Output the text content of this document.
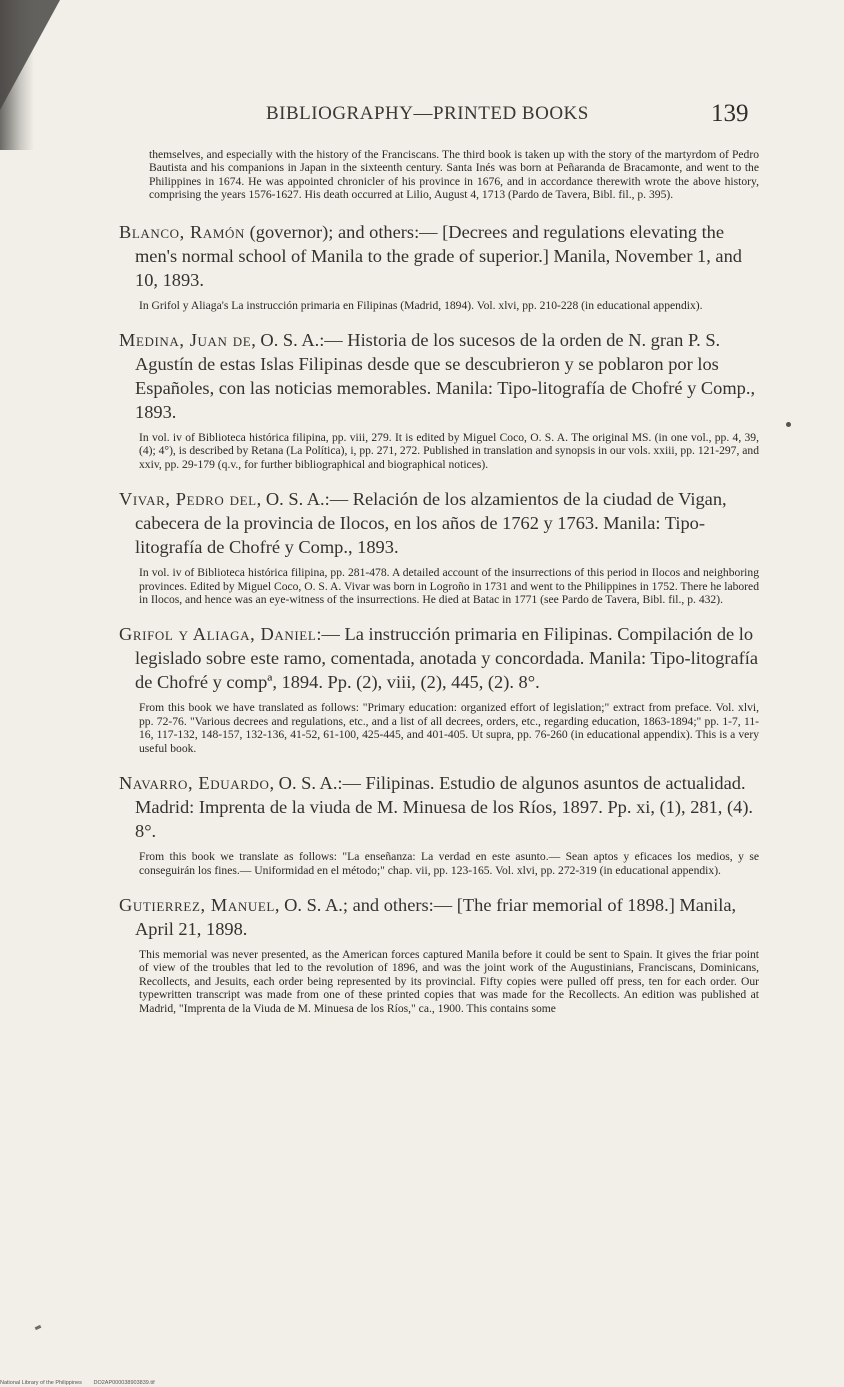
BIBLIOGRAPHY—PRINTED BOOKS	139

themselves, and especially with the history of the Franciscans. The third book is taken up with the story of the martyrdom of Pedro Bautista and his companions in Japan in the sixteenth century. Santa Inés was born at Peñaranda de Bracamonte, and went to the Philippines in 1674. He was appointed chronicler of his province in 1676, and in accordance therewith wrote the above history, comprising the years 1576-1627. His death occurred at Lilio, August 4, 1713 (Pardo de Tavera, Bibl. fil., p. 395).

Blanco, Ramón (governor); and others:— [Decrees and regulations elevating the men's normal school of Manila to the grade of superior.] Manila, November 1, and 10, 1893.

In Grifol y Aliaga's La instrucción primaria en Filipinas (Madrid, 1894). Vol. xlvi, pp. 210-228 (in educational appendix).

Medina, Juan de, O. S. A.:— Historia de los sucesos de la orden de N. gran P. S. Agustín de estas Islas Filipinas desde que se descubrieron y se poblaron por los Españoles, con las noticias memorables. Manila: Tipo-litografía de Chofré y Comp., 1893.

In vol. iv of Biblioteca histórica filipina, pp. viii, 279. It is edited by Miguel Coco, O. S. A. The original MS. (in one vol., pp. 4, 39, (4); 4°), is described by Retana (La Política), i, pp. 271, 272. Published in translation and synopsis in our vols. xxiii, pp. 121-297, and xxiv, pp. 29-179 (q.v., for further bibliographical and biographical notices).

Vivar, Pedro del, O. S. A.:— Relación de los alzamientos de la ciudad de Vigan, cabecera de la provincia de Ilocos, en los años de 1762 y 1763. Manila: Tipo-litografía de Chofré y Comp., 1893.

In vol. iv of Biblioteca histórica filipina, pp. 281-478. A detailed account of the insurrections of this period in Ilocos and neighboring provinces. Edited by Miguel Coco, O. S. A. Vivar was born in Logroño in 1731 and went to the Philippines in 1752. There he labored in Ilocos, and hence was an eye-witness of the insurrections. He died at Batac in 1771 (see Pardo de Tavera, Bibl. fil., p. 432).

Grifol y Aliaga, Daniel:— La instrucción primaria en Filipinas. Compilación de lo legislado sobre este ramo, comentada, anotada y concordada. Manila: Tipo-litografía de Chofré y compª, 1894. Pp. (2), viii, (2), 445, (2). 8°.

From this book we have translated as follows: "Primary education: organized effort of legislation;" extract from preface. Vol. xlvi, pp. 72-76. "Various decrees and regulations, etc., and a list of all decrees, orders, etc., regarding education, 1863-1894;" pp. 1-7, 11-16, 117-132, 148-157, 132-136, 41-52, 61-100, 425-445, and 401-405. Ut supra, pp. 76-260 (in educational appendix). This is a very useful book.

Navarro, Eduardo, O. S. A.:— Filipinas. Estudio de algunos asuntos de actualidad. Madrid: Imprenta de la viuda de M. Minuesa de los Ríos, 1897. Pp. xi, (1), 281, (4). 8°.

From this book we translate as follows: "La enseñanza: La verdad en este asunto.— Sean aptos y eficaces los medios, y se conseguirán los fines.— Uniformidad en el método;" chap. vii, pp. 123-165. Vol. xlvi, pp. 272-319 (in educational appendix).

Gutierrez, Manuel, O. S. A.; and others:— [The friar memorial of 1898.] Manila, April 21, 1898.

This memorial was never presented, as the American forces captured Manila before it could be sent to Spain. It gives the friar point of view of the troubles that led to the revolution of 1896, and was the joint work of the Augustinians, Franciscans, Dominicans, Recollects, and Jesuits, each order being represented by its provincial. Fifty copies were pulled off press, ten for each order. Our typewritten transcript was made from one of these printed copies that was made for the Recollects. An edition was published at Madrid, "Imprenta de la Viuda de M. Minuesa de los Ríos," ca., 1900. This contains some

National Library of the Philippines DO2AP000038903839.tif
